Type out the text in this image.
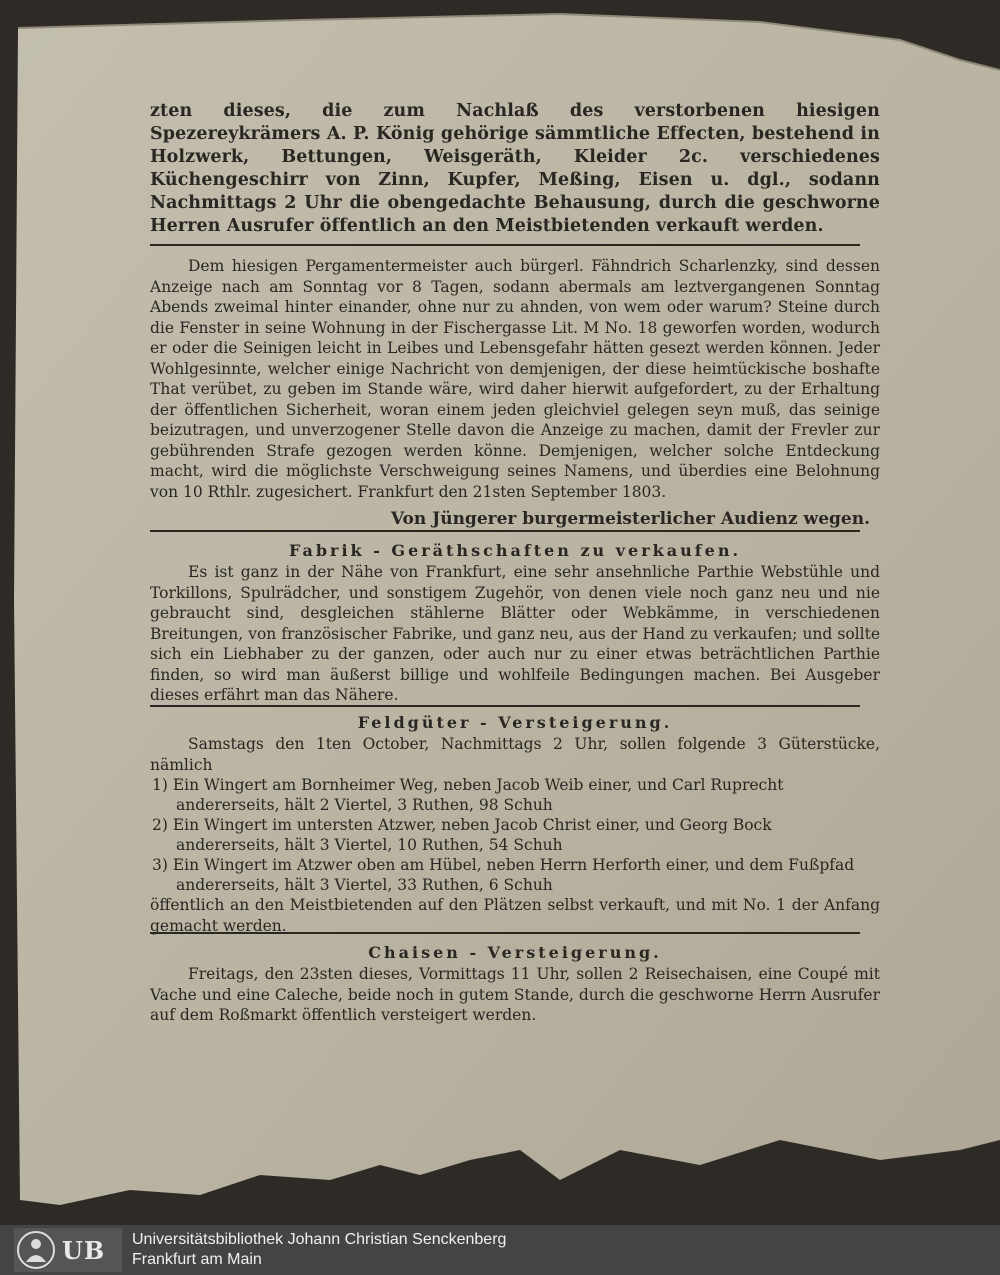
zten dieses, die zum Nachlaß des verstorbenen hiesigen Spezereykrämers A. P. König gehörige sämmtliche Effecten, bestehend in Holzwerk, Bettungen, Weisgeräth, Kleider 2c. verschiedenes Küchengeschirr von Zinn, Kupfer, Meßing, Eisen u. dgl., sodann Nachmittags 2 Uhr die obengedachte Behausung, durch die geschworne Herren Ausrufer öffentlich an den Meistbietenden verkauft werden.

Dem hiesigen Pergamentermeister auch bürgerl. Fähndrich Scharlenzky, sind dessen Anzeige nach am Sonntag vor 8 Tagen, sodann abermals am leztvergangenen Sonntag Abends zweimal hinter einander, ohne nur zu ahnden, von wem oder warum? Steine durch die Fenster in seine Wohnung in der Fischergasse Lit. M No. 18 geworfen worden, wodurch er oder die Seinigen leicht in Leibes und Lebensgefahr hätten gesezt werden können. Jeder Wohlgesinnte, welcher einige Nachricht von demjenigen, der diese heimtückische boshafte That verübet, zu geben im Stande wäre, wird daher hierwit aufgefordert, zu der Erhaltung der öffentlichen Sicherheit, woran einem jeden gleichviel gelegen seyn muß, das seinige beizutragen, und unverzogener Stelle davon die Anzeige zu machen, damit der Frevler zur gebührenden Strafe gezogen werden könne. Demjenigen, welcher solche Entdeckung macht, wird die möglichste Verschweigung seines Namens, und überdies eine Belohnung von 10 Rthlr. zugesichert. Frankfurt den 21sten September 1803.

Von Jüngerer burgermeisterlicher Audienz wegen.

Fabrik - Geräthschaften zu verkaufen.

Es ist ganz in der Nähe von Frankfurt, eine sehr ansehnliche Parthie Webstühle und Torkillons, Spulrädcher, und sonstigem Zugehör, von denen viele noch ganz neu und nie gebraucht sind, desgleichen stählerne Blätter oder Webkämme, in verschiedenen Breitungen, von französischer Fabrike, und ganz neu, aus der Hand zu verkaufen; und sollte sich ein Liebhaber zu der ganzen, oder auch nur zu einer etwas beträchtlichen Parthie finden, so wird man äußerst billige und wohlfeile Bedingungen machen. Bei Ausgeber dieses erfährt man das Nähere.

Feldgüter - Versteigerung.

Samstags den 1ten October, Nachmittags 2 Uhr, sollen folgende 3 Güterstücke, nämlich

1) Ein Wingert am Bornheimer Weg, neben Jacob Weib einer, und Carl Ruprecht andererseits, hält 2 Viertel, 3 Ruthen, 98 Schuh

2) Ein Wingert im untersten Atzwer, neben Jacob Christ einer, und Georg Bock andererseits, hält 3 Viertel, 10 Ruthen, 54 Schuh

3) Ein Wingert im Atzwer oben am Hübel, neben Herrn Herforth einer, und dem Fußpfad andererseits, hält 3 Viertel, 33 Ruthen, 6 Schuh

öffentlich an den Meistbietenden auf den Plätzen selbst verkauft, und mit No. 1 der Anfang gemacht werden.

Chaisen - Versteigerung.

Freitags, den 23sten dieses, Vormittags 11 Uhr, sollen 2 Reisechaisen, eine Coupé mit Vache und eine Caleche, beide noch in gutem Stande, durch die geschworne Herrn Ausrufer auf dem Roßmarkt öffentlich versteigert werden.

UB Universitätsbibliothek Johann Christian Senckenberg
Frankfurt am Main
